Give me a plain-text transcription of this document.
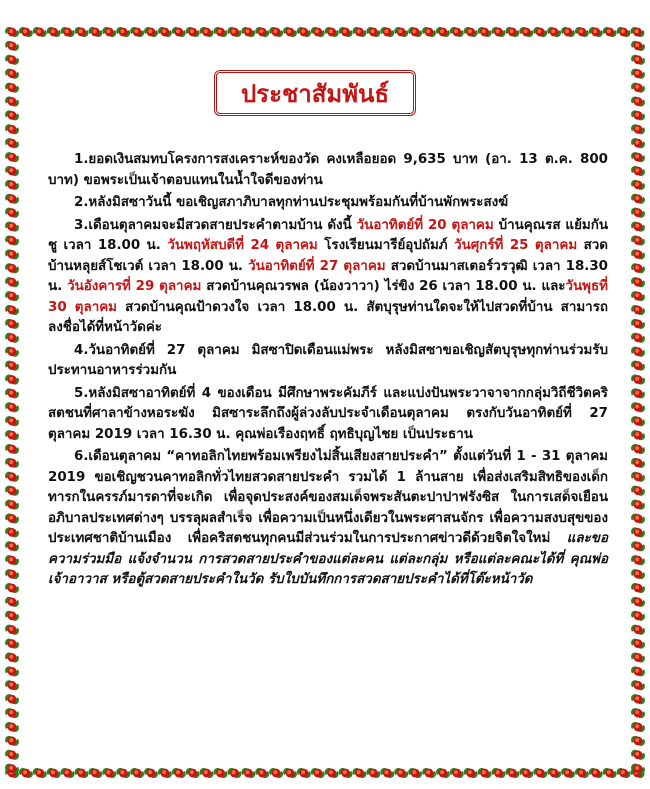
ประชาสัมพันธ์

1.ยอดเงินสมทบโครงการสงเคราะห์ของวัด คงเหลือยอด 9,635 บาท (อา. 13 ต.ค. 800 บาท) ขอพระเป็นเจ้าตอบแทนในน้ำใจดีของท่าน

2.หลังมิสซาวันนี้ ขอเชิญสภาภิบาลทุกท่านประชุมพร้อมกันที่บ้านพักพระสงฆ์

3.เดือนตุลาคมจะมีสวดสายประคำตามบ้าน ดังนี้ วันอาทิตย์ที่ 20 ตุลาคม บ้านคุณรส แย้มกันชู เวลา 18.00 น. วันพฤหัสบดีที่ 24 ตุลาคม โรงเรียนมารีย์อุปถัมภ์ วันศุกร์ที่ 25 ตุลาคม สวดบ้านหลุยส์โชเวต์ เวลา 18.00 น. วันอาทิตย์ที่ 27 ตุลาคม สวดบ้านมาสเตอร์วรวุฒิ เวลา 18.30 น. วันอังคารที่ 29 ตุลาคม สวดบ้านคุณวรพล (น้องวาวา) ไร่ขิง 26 เวลา 18.00 น. และวันพุธที่ 30 ตุลาคม สวดบ้านคุณป้าดวงใจ เวลา 18.00 น. สัตบุรุษท่านใดจะให้ไปสวดที่บ้าน สามารถลงชื่อได้ที่หน้าวัดค่ะ

4.วันอาทิตย์ที่ 27 ตุลาคม มิสซาปิดเดือนแม่พระ หลังมิสซาขอเชิญสัตบุรุษทุกท่านร่วมรับประทานอาหารร่วมกัน

5.หลังมิสซาอาทิตย์ที่ 4 ของเดือน มีศึกษาพระคัมภีร์ และแบ่งปันพระวาจาจากกลุ่มวิถีชีวิตคริสตชนที่ศาลาข้างหอระฆัง มิสซาระลึกถึงผู้ล่วงลับประจำเดือนตุลาคม ตรงกับวันอาทิตย์ที่ 27 ตุลาคม 2019 เวลา 16.30 น. คุณพ่อเรืองฤทธิ์ ฤทธิบุญไชย เป็นประธาน

6.เดือนตุลาคม “คาทอลิกไทยพร้อมเพรียงไม่สิ้นเสียงสายประคำ” ตั้งแต่วันที่ 1 - 31 ตุลาคม 2019 ขอเชิญชวนคาทอลิกทั่วไทยสวดสายประคำ รวมได้ 1 ล้านสาย เพื่อส่งเสริมสิทธิของเด็กทารกในครรภ์มารดาที่จะเกิด เพื่อจุดประสงค์ของสมเด็จพระสันตะปาปาฟรังซิส ในการเสด็จเยือนอภิบาลประเทศต่างๆ บรรลุผลสำเร็จ เพื่อความเป็นหนึ่งเดียวในพระศาสนจักร เพื่อความสงบสุขของประเทศชาติบ้านเมือง เพื่อคริสตชนทุกคนมีส่วนร่วมในการประกาศข่าวดีด้วยจิตใจใหม่ และขอความร่วมมือ แจ้งจำนวน การสวดสายประคำของแต่ละคน แต่ละกลุ่ม หรือแต่ละคณะได้ที่ คุณพ่อเจ้าอาวาส หรือตู้สวดสายประคำในวัด รับใบบันทึกการสวดสายประคำได้ที่โต๊ะหน้าวัด
